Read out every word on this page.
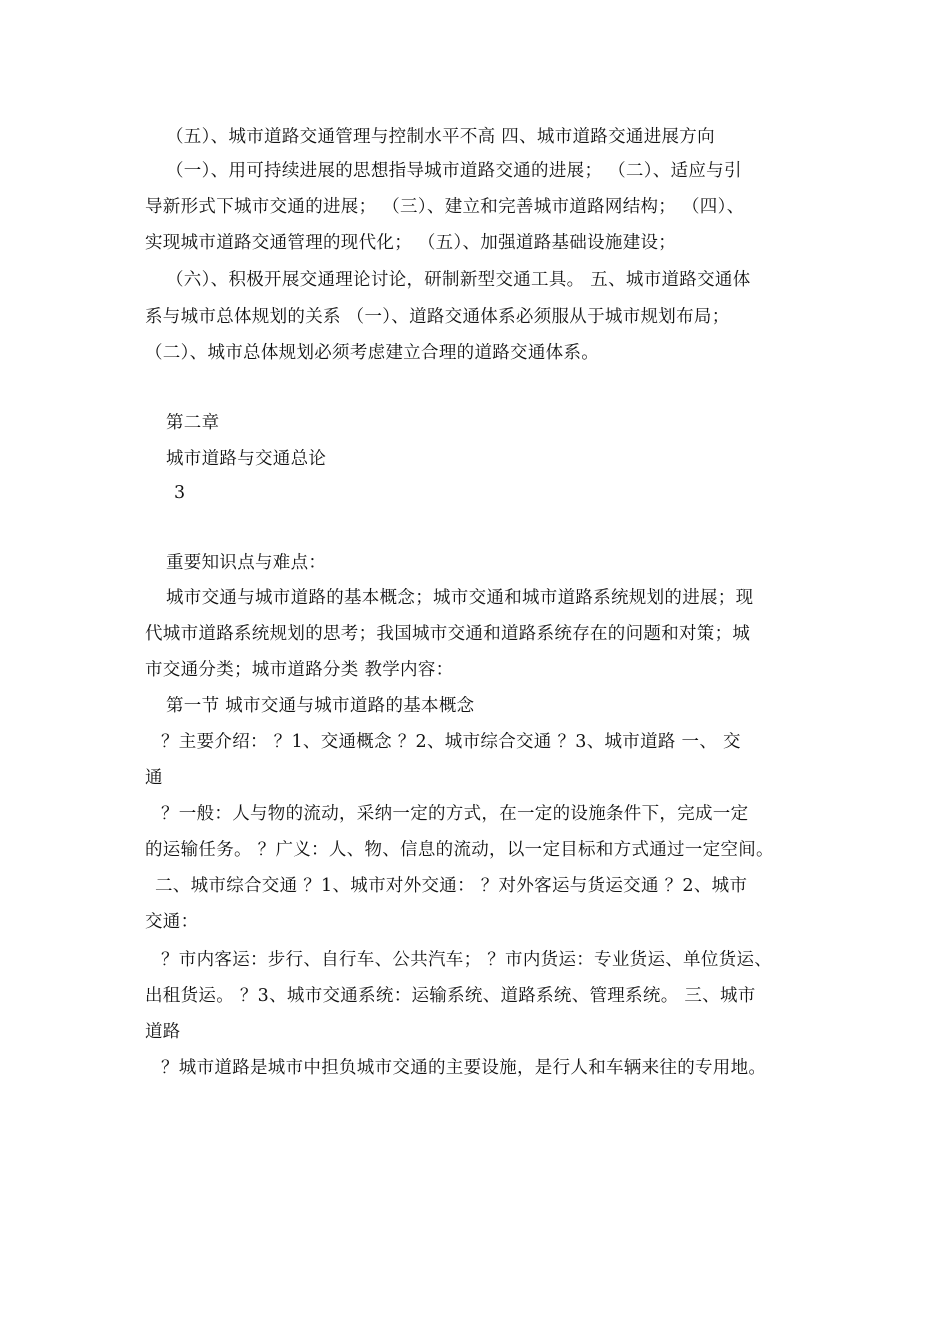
（五）、城市道路交通管理与控制水平不高 四、城市道路交通进展方向
（一）、用可持续进展的思想指导城市道路交通的进展； （二）、适应与引
导新形式下城市交通的进展； （三）、建立和完善城市道路网结构； （四）、
实现城市道路交通管理的现代化； （五）、加强道路基础设施建设；
（六）、积极开展交通理论讨论，研制新型交通工具。 五、城市道路交通体
系与城市总体规划的关系 （一）、道路交通体系必须服从于城市规划布局；
（二）、城市总体规划必须考虑建立合理的道路交通体系。
第二章
城市道路与交通总论
3
重要知识点与难点：
城市交通与城市道路的基本概念；城市交通和城市道路系统规划的进展；现
代城市道路系统规划的思考；我国城市交通和道路系统存在的问题和对策；城
市交通分类；城市道路分类 教学内容：
第一节 城市交通与城市道路的基本概念
？主要介绍： ？1、交通概念 ？2、城市综合交通 ？3、城市道路 一、 交
通
？一般：人与物的流动，采纳一定的方式，在一定的设施条件下，完成一定
的运输任务。 ？广义：人、物、信息的流动，以一定目标和方式通过一定空间。
二、城市综合交通 ？1、城市对外交通： ？对外客运与货运交通 ？2、城市
交通：
？市内客运：步行、自行车、公共汽车； ？市内货运：专业货运、单位货运、
出租货运。 ？3、城市交通系统：运输系统、道路系统、管理系统。 三、城市
道路
？城市道路是城市中担负城市交通的主要设施，是行人和车辆来往的专用地。
